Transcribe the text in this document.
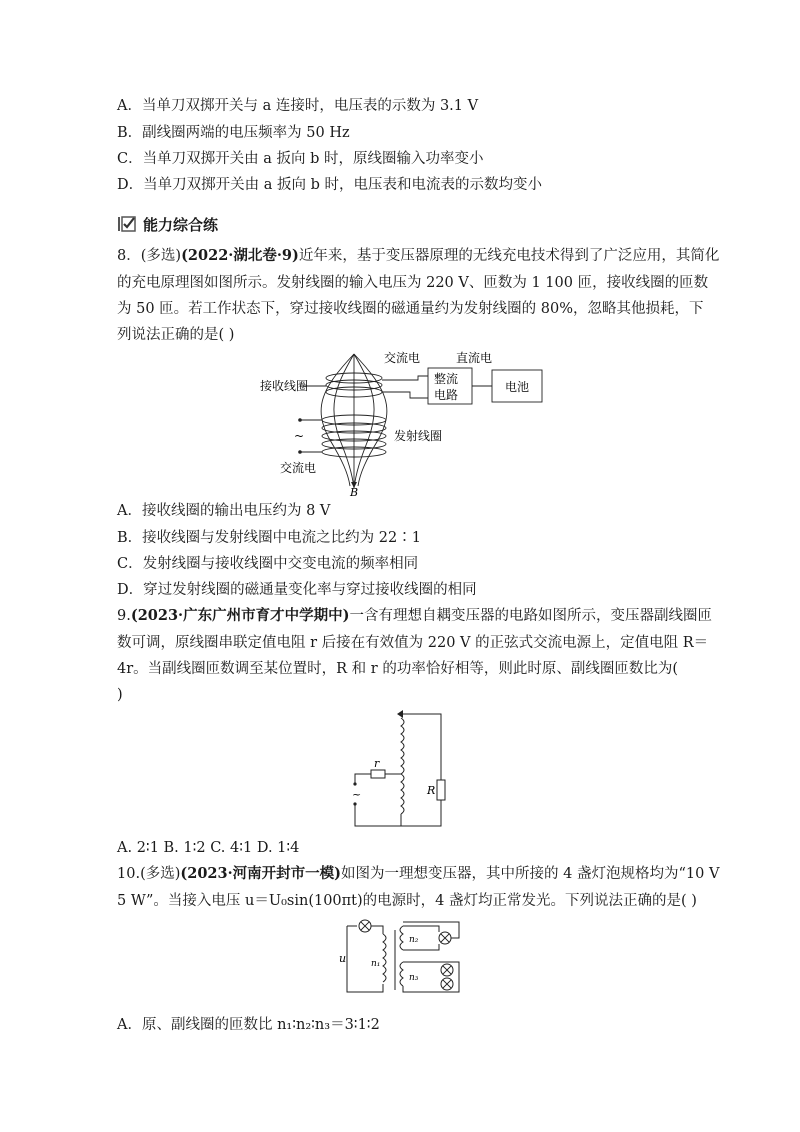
A．当单刀双掷开关与 a 连接时，电压表的示数为 3.1 V
B．副线圈两端的电压频率为 50 Hz
C．当单刀双掷开关由 a 扳向 b 时，原线圈输入功率变小
D．当单刀双掷开关由 a 扳向 b 时，电压表和电流表的示数均变小
能力综合练
8．(多选)(2022·湖北卷·9)近年来，基于变压器原理的无线充电技术得到了广泛应用，其简化
的充电原理图如图所示。发射线圈的输入电压为 220 V、匝数为 1 100 匝，接收线圈的匝数
为 50 匝。若工作状态下，穿过接收线圈的磁通量约为发射线圈的 80%，忽略其他损耗，下
列说法正确的是( )
交流电	直流电
接收线圈	整流
电路
电池
~	发射线圈
交流电
B
A．接收线圈的输出电压约为 8 V
B．接收线圈与发射线圈中电流之比约为 22∶1
C．发射线圈与接收线圈中交变电流的频率相同
D．穿过发射线圈的磁通量变化率与穿过接收线圈的相同
9.(2023·广东广州市育才中学期中)一含有理想自耦变压器的电路如图所示，变压器副线圈匝
数可调，原线圈串联定值电阻 r 后接在有效值为 220 V 的正弦式交流电源上，定值电阻 R＝
4r。当副线圈匝数调至某位置时，R 和 r 的功率恰好相等，则此时原、副线圈匝数比为(
)
~
r
R
A. 2∶1 B. 1∶2 C. 4∶1 D. 1∶4
10.(多选)(2023·河南开封市一模)如图为一理想变压器，其中所接的 4 盏灯泡规格均为“10 V
5 W”。当接入电压 u＝U₀sin(100πt)的电源时，4 盏灯均正常发光。下列说法正确的是( )
u	n₁
n₂
n₃
A．原、副线圈的匝数比 n₁∶n₂∶n₃＝3∶1∶2
